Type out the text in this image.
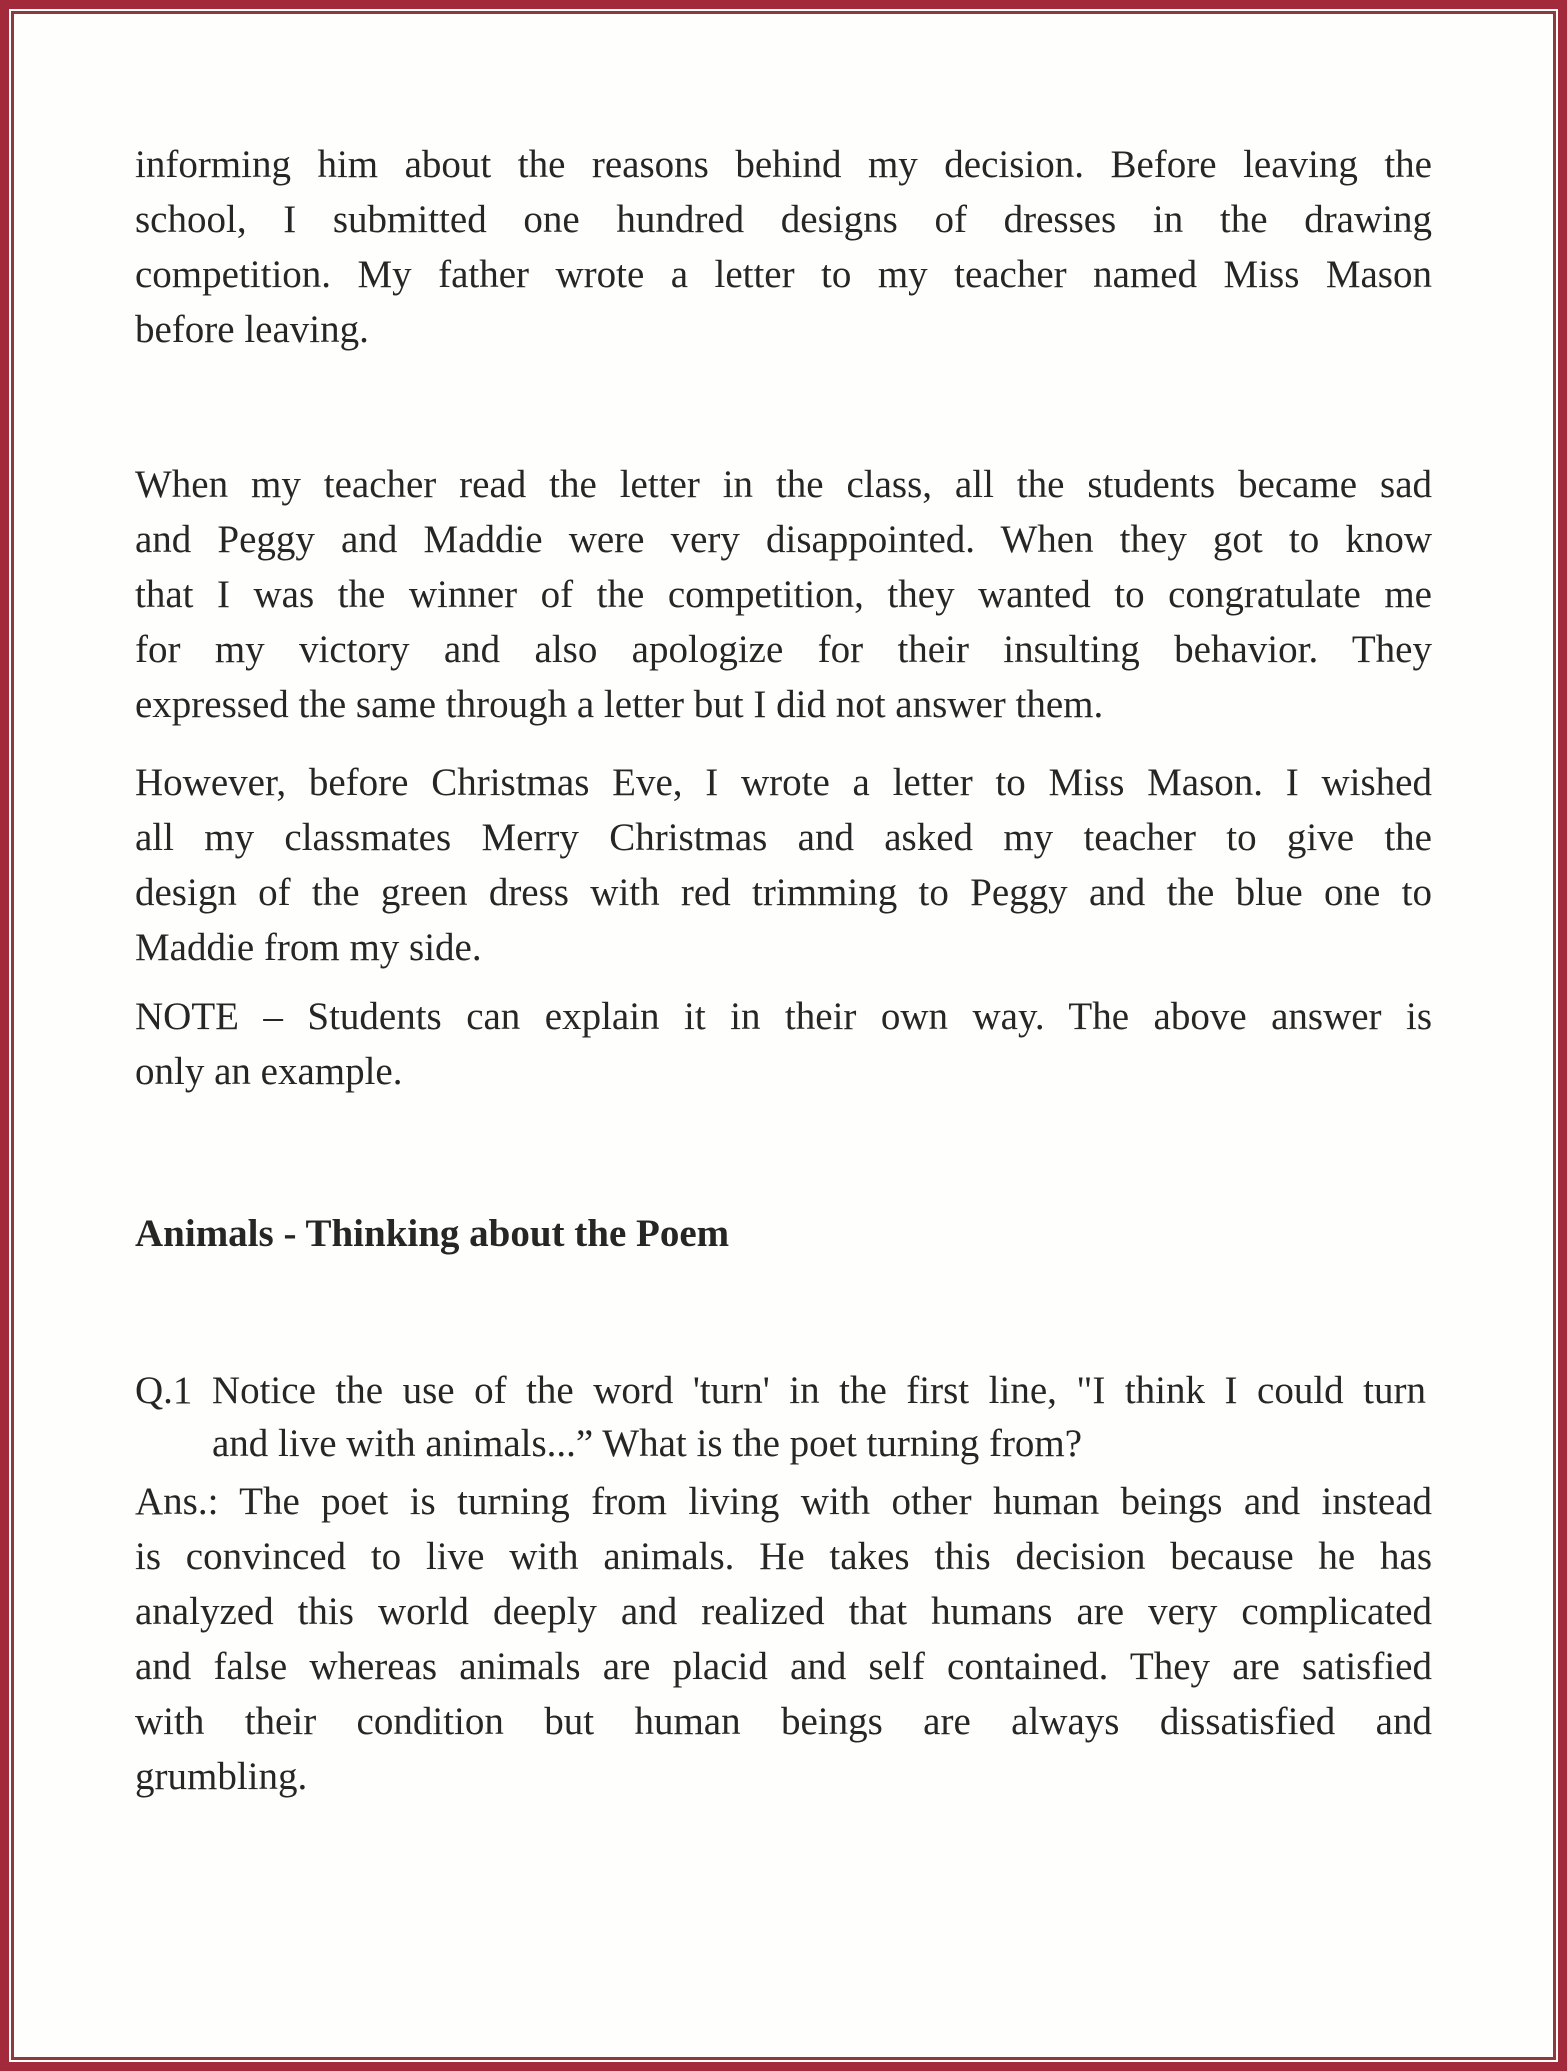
informing him about the reasons behind my decision. Before leaving the
school, I submitted one hundred designs of dresses in the drawing
competition. My father wrote a letter to my teacher named Miss Mason
before leaving.
When my teacher read the letter in the class, all the students became sad
and Peggy and Maddie were very disappointed. When they got to know
that I was the winner of the competition, they wanted to congratulate me
for my victory and also apologize for their insulting behavior. They
expressed the same through a letter but I did not answer them.
However, before Christmas Eve, I wrote a letter to Miss Mason. I wished
all my classmates Merry Christmas and asked my teacher to give the
design of the green dress with red trimming to Peggy and the blue one to
Maddie from my side.
NOTE – Students can explain it in their own way. The above answer is
only an example.
Animals - Thinking about the Poem
Q.1 Notice the use of the word 'turn' in the first line, "I think I could turn
and live with animals...” What is the poet turning from?
Ans.: The poet is turning from living with other human beings and instead
is convinced to live with animals. He takes this decision because he has
analyzed this world deeply and realized that humans are very complicated
and false whereas animals are placid and self contained. They are satisfied
with their condition but human beings are always dissatisfied and
grumbling.
